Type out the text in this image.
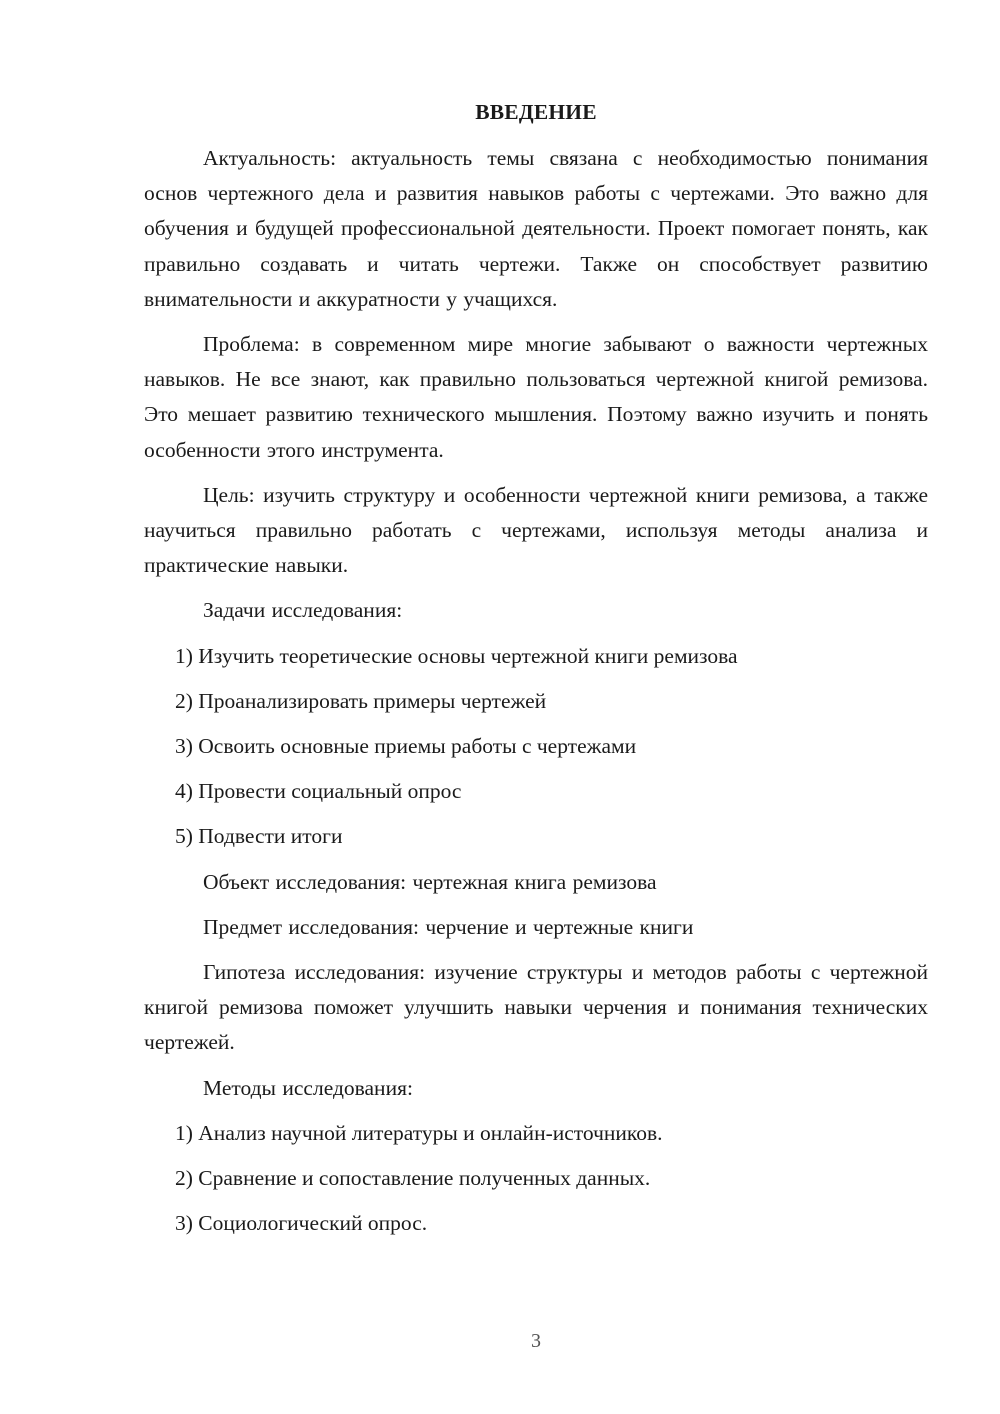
ВВЕДЕНИЕ

Актуальность: актуальность темы связана с необходимостью понимания основ чертежного дела и развития навыков работы с чертежами. Это важно для обучения и будущей профессиональной деятельности. Проект помогает понять, как правильно создавать и читать чертежи. Также он способствует развитию внимательности и аккуратности у учащихся.

Проблема: в современном мире многие забывают о важности чертежных навыков. Не все знают, как правильно пользоваться чертежной книгой ремизова. Это мешает развитию технического мышления. Поэтому важно изучить и понять особенности этого инструмента.

Цель: изучить структуру и особенности чертежной книги ремизова, а также научиться правильно работать с чертежами, используя методы анализа и практические навыки.

Задачи исследования:

1) Изучить теоретические основы чертежной книги ремизова
2) Проанализировать примеры чертежей
3) Освоить основные приемы работы с чертежами
4) Провести социальный опрос
5) Подвести итоги

Объект исследования: чертежная книга ремизова

Предмет исследования: черчение и чертежные книги

Гипотеза исследования: изучение структуры и методов работы с чертежной книгой ремизова поможет улучшить навыки черчения и понимания технических чертежей.

Методы исследования:

1) Анализ научной литературы и онлайн-источников.
2) Сравнение и сопоставление полученных данных.
3) Социологический опрос.
3
